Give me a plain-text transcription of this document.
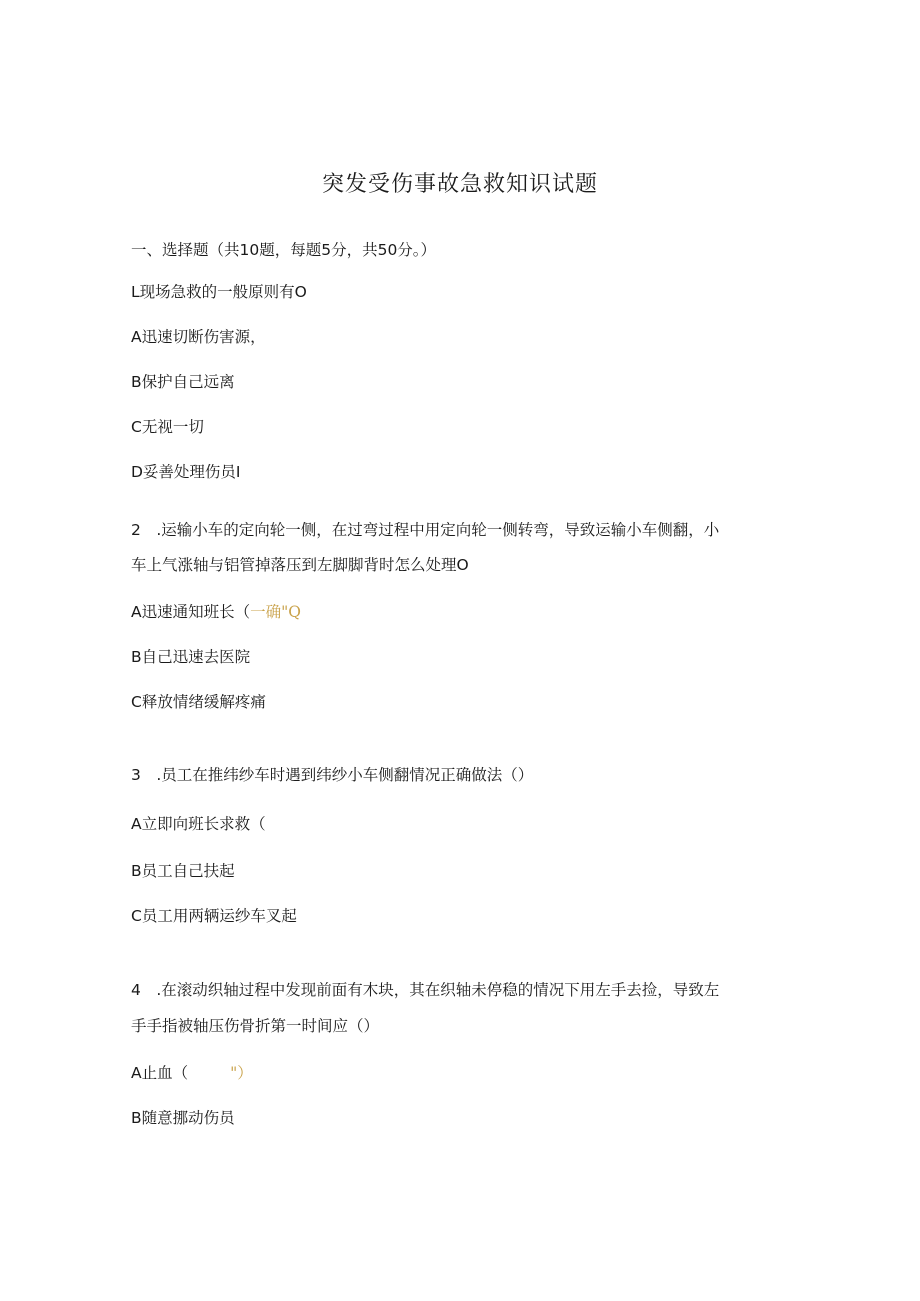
突发受伤事故急救知识试题
一、选择题（共10题，每题5分，共50分。）
L现场急救的一般原则有O
A迅速切断伤害源，
B保护自己远离
C无视一切
D妥善处理伤员I
2　.运输小车的定向轮一侧，在过弯过程中用定向轮一侧转弯，导致运输小车侧翻，小
车上气涨轴与铝管掉落压到左脚脚背时怎么处理O
A迅速通知班长（一确"Q
B自己迅速去医院
C释放情绪缓解疼痛
3　.员工在推纬纱车时遇到纬纱小车侧翻情况正确做法（）
A立即向班长求救（
B员工自己扶起
C员工用两辆运纱车叉起
4　.在滚动织轴过程中发现前面有木块，其在织轴未停稳的情况下用左手去捡，导致左
手手指被轴压伤骨折第一时间应（）
A止血（	"）
B随意挪动伤员
